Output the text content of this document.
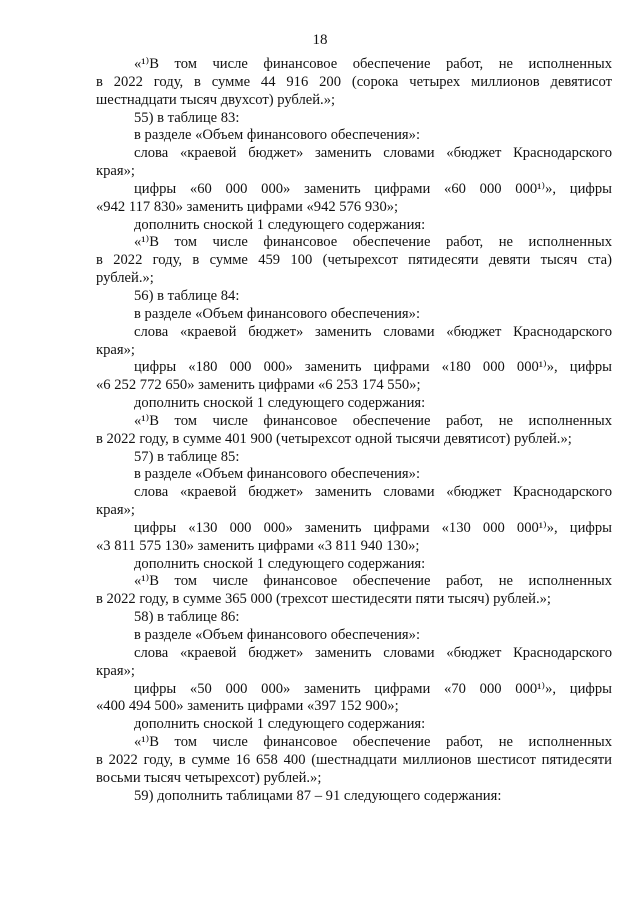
18
«¹⁾В том числе финансовое обеспечение работ, не исполненных
в 2022 году, в сумме 44 916 200 (сорока четырех миллионов девятисот
шестнадцати тысяч двухсот) рублей.»;
55) в таблице 83:
в разделе «Объем финансового обеспечения»:
слова «краевой бюджет» заменить словами «бюджет Краснодарского
края»;
цифры «60 000 000» заменить цифрами «60 000 000¹⁾», цифры
«942 117 830» заменить цифрами «942 576 930»;
дополнить сноской 1 следующего содержания:
«¹⁾В том числе финансовое обеспечение работ, не исполненных
в 2022 году, в сумме 459 100 (четырехсот пятидесяти девяти тысяч ста)
рублей.»;
56) в таблице 84:
в разделе «Объем финансового обеспечения»:
слова «краевой бюджет» заменить словами «бюджет Краснодарского
края»;
цифры «180 000 000» заменить цифрами «180 000 000¹⁾», цифры
«6 252 772 650» заменить цифрами «6 253 174 550»;
дополнить сноской 1 следующего содержания:
«¹⁾В том числе финансовое обеспечение работ, не исполненных
в 2022 году, в сумме 401 900 (четырехсот одной тысячи девятисот) рублей.»;
57) в таблице 85:
в разделе «Объем финансового обеспечения»:
слова «краевой бюджет» заменить словами «бюджет Краснодарского
края»;
цифры «130 000 000» заменить цифрами «130 000 000¹⁾», цифры
«3 811 575 130» заменить цифрами «3 811 940 130»;
дополнить сноской 1 следующего содержания:
«¹⁾В том числе финансовое обеспечение работ, не исполненных
в 2022 году, в сумме 365 000 (трехсот шестидесяти пяти тысяч) рублей.»;
58) в таблице 86:
в разделе «Объем финансового обеспечения»:
слова «краевой бюджет» заменить словами «бюджет Краснодарского
края»;
цифры «50 000 000» заменить цифрами «70 000 000¹⁾», цифры
«400 494 500» заменить цифрами «397 152 900»;
дополнить сноской 1 следующего содержания:
«¹⁾В том числе финансовое обеспечение работ, не исполненных
в 2022 году, в сумме 16 658 400 (шестнадцати миллионов шестисот пятидесяти
восьми тысяч четырехсот) рублей.»;
59) дополнить таблицами 87 – 91 следующего содержания:
